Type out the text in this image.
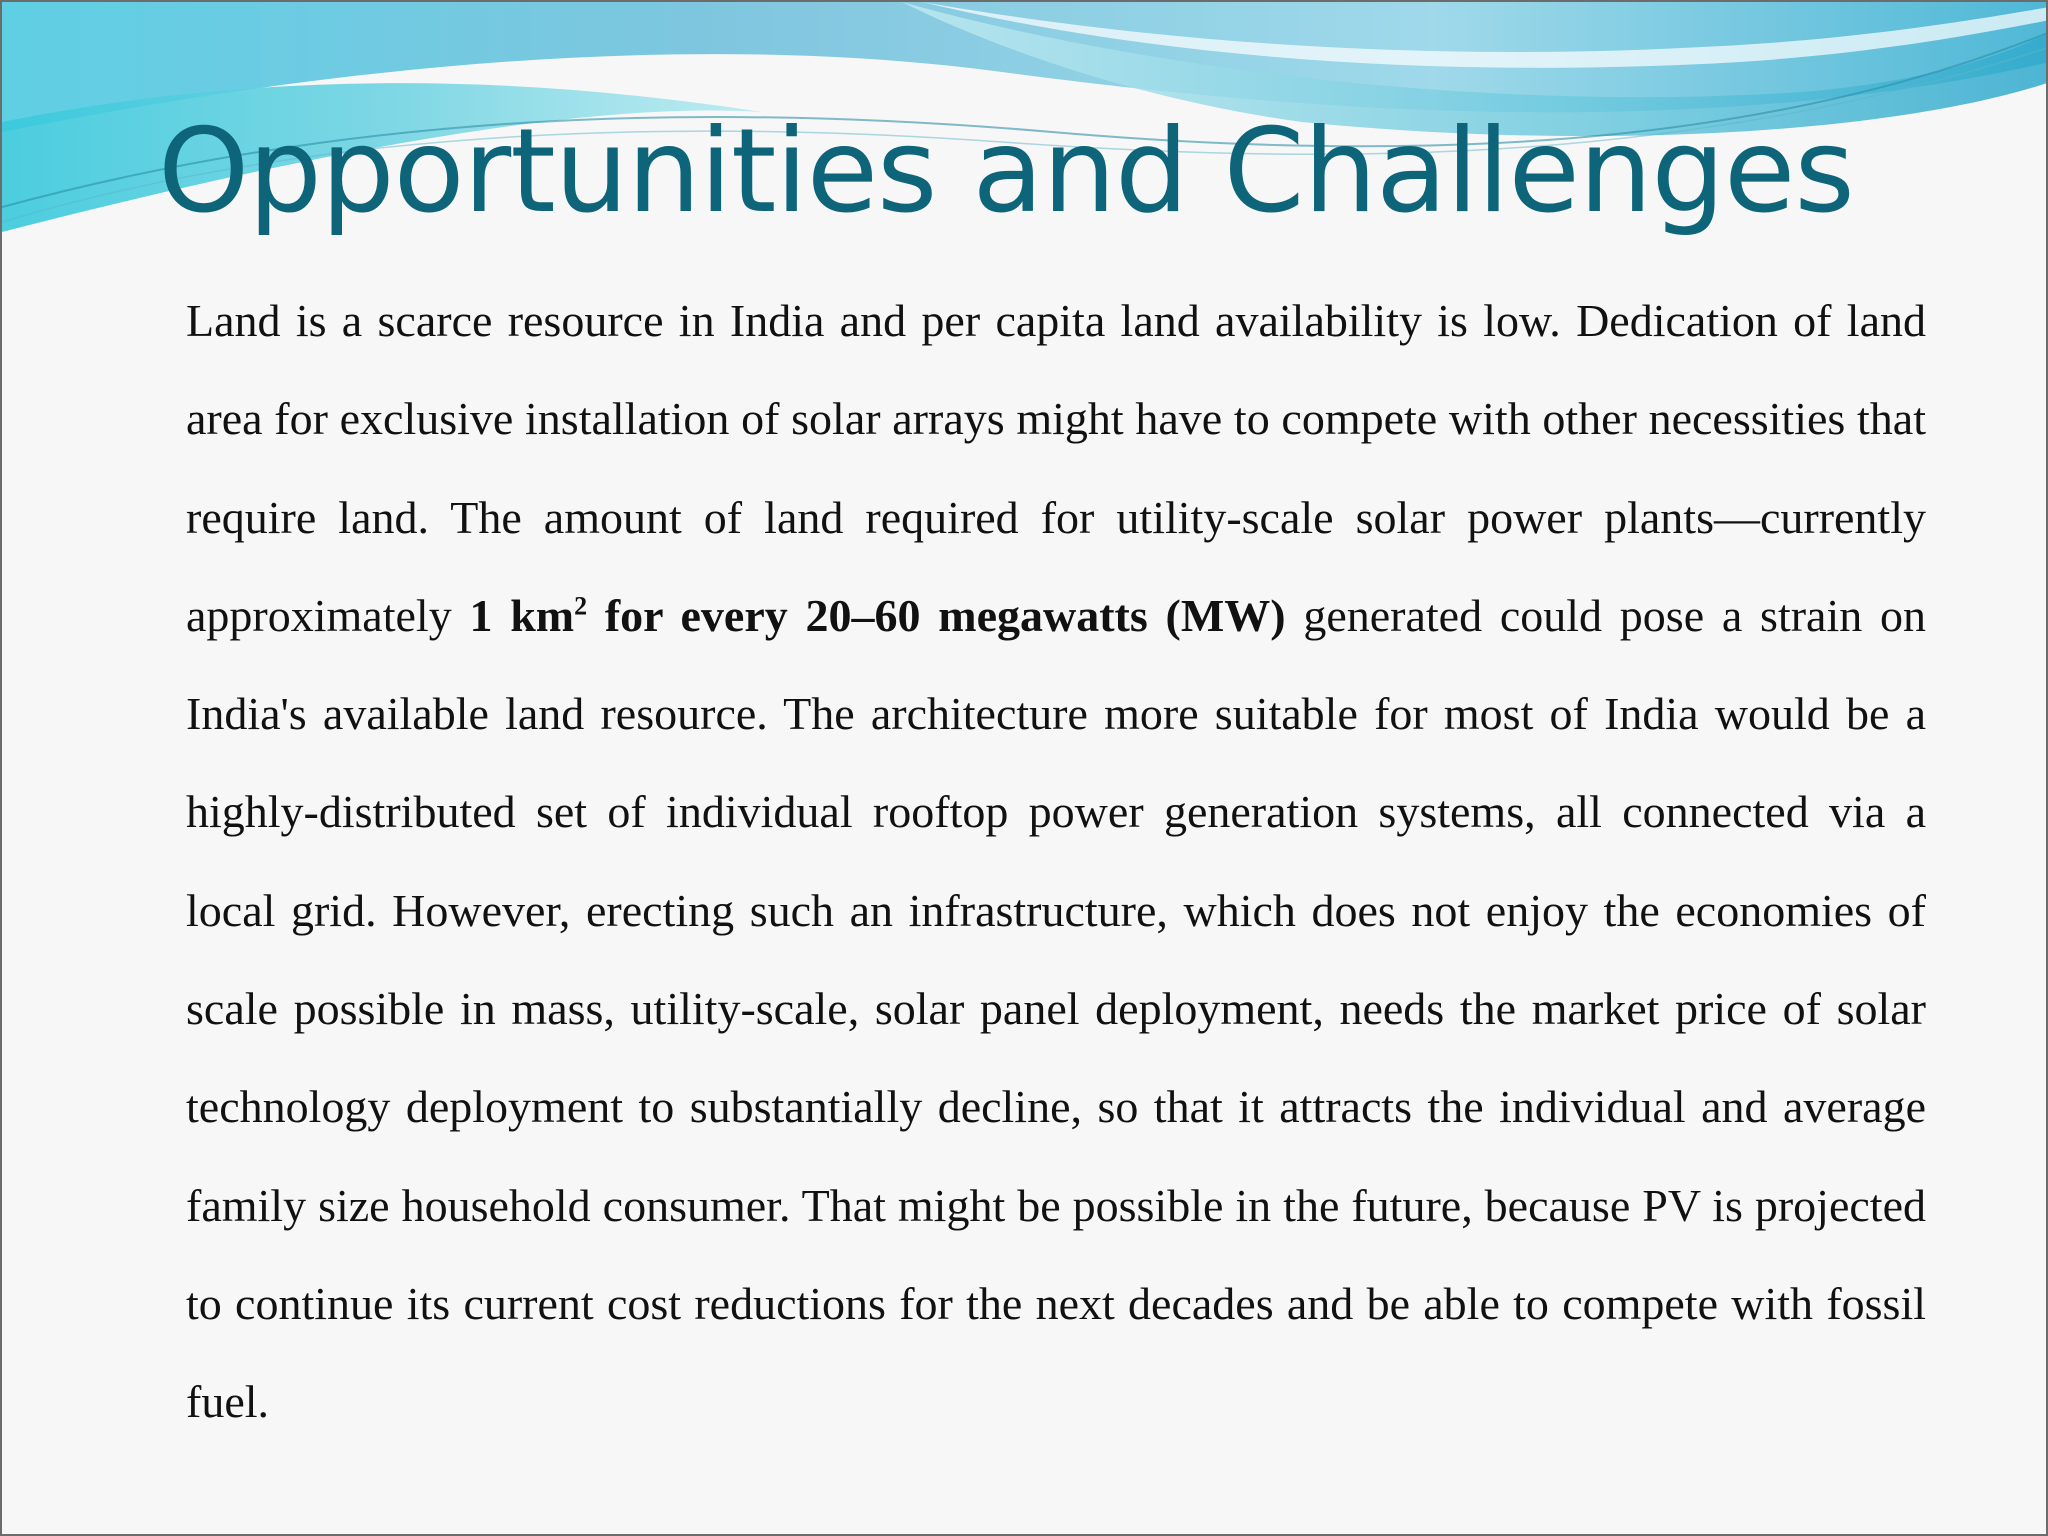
Opportunities and Challenges

Land is a scarce resource in India and per capita land availability is low. Dedication of land area for exclusive installation of solar arrays might have to compete with other necessities that require land. The amount of land required for utility-scale solar power plants—currently approximately 1 $km^2$ for every 20–60 megawatts (MW) generated could pose a strain on India's available land resource. The architecture more suitable for most of India would be a highly-distributed set of individual rooftop power generation systems, all connected via a local grid. However, erecting such an infrastructure, which does not enjoy the economies of scale possible in mass, utility-scale, solar panel deployment, needs the market price of solar technology deployment to substantially decline, so that it attracts the individual and average family size household consumer. That might be possible in the future, because PV is projected to continue its current cost reductions for the next decades and be able to compete with fossil fuel.
